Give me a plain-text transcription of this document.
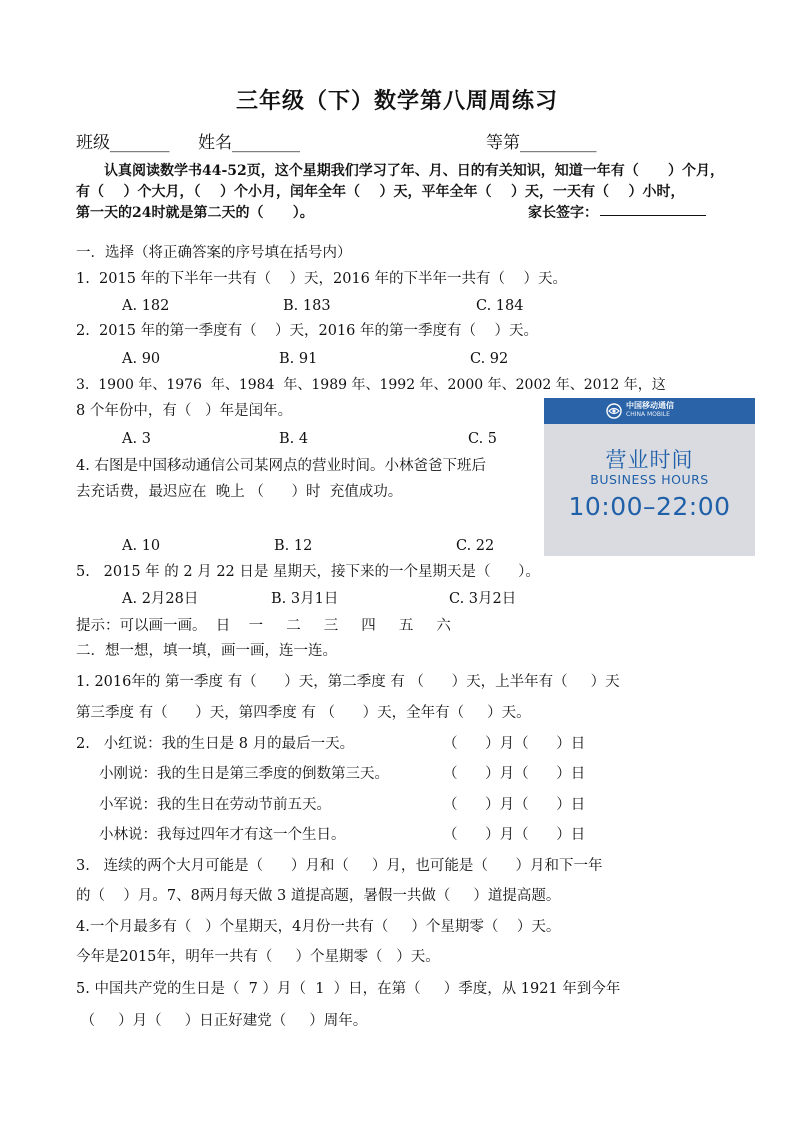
三年级（下）数学第八周周练习
班级_______ 姓名________	等第_________
认真阅读数学书44-52页，这个星期我们学习了年、月、日的有关知识，知道一年有（      ）个月，
有（    ）个大月，（    ）个小月，闰年全年（    ）天，平年全年（    ）天，一天有（    ）小时，
第一天的24时就是第二天的（      ）。	家长签字：
一．选择（将正确答案的序号填在括号内）
1.  2015 年的下半年一共有（    ）天，2016 年的下半年一共有（    ）天。
A. 182	B. 183	C. 184
2.  2015 年的第一季度有（    ）天，2016 年的第一季度有（    ）天。
A. 90	B. 91	C. 92
3.  1900 年、1976  年、1984  年、1989 年、1992 年、2000 年、2002 年、2012 年，这
8 个年份中，有（   ）年是闰年。
A. 3	B. 4	C. 5
4. 右图是中国移动通信公司某网点的营业时间。小林爸爸下班后
去充话费，最迟应在  晚上 （      ）时  充值成功。
中国移动通信
CHINA MOBILE
营业时间
BUSINESS HOURS
10:00–22:00
A. 10	B. 12	C. 22
5.   2015 年 的 2 月 22 日是 星期天，接下来的一个星期天是（      ）。
A. 2月28日	B. 3月1日	C. 3月2日
提示：可以画一画。  日    一     二     三     四     五     六
二．想一想，填一填，画一画，连一连。
1. 2016年的 第一季度 有（      ）天，第二季度 有 （      ）天，上半年有（     ）天
第三季度 有（      ）天，第四季度 有 （      ）天，全年有（     ）天。
2.   小红说：我的生日是 8 月的最后一天。	（      ）月（      ）日
小刚说：我的生日是第三季度的倒数第三天。	（      ）月（      ）日
小军说：我的生日在劳动节前五天。	（      ）月（      ）日
小林说：我每过四年才有这一个生日。	（      ）月（      ）日
3.   连续的两个大月可能是（      ）月和（     ）月，也可能是（      ）月和下一年
的（    ）月。7、8两月每天做 3 道提高题，暑假一共做（     ）道提高题。
4.一个月最多有（   ）个星期天，4月份一共有（     ）个星期零（    ）天。
今年是2015年，明年一共有（     ）个星期零（   ）天。
5. 中国共产党的生日是（  7 ）月（  1  ）日，在第（     ）季度，从 1921 年到今年
（     ）月（     ）日正好建党（     ）周年。
